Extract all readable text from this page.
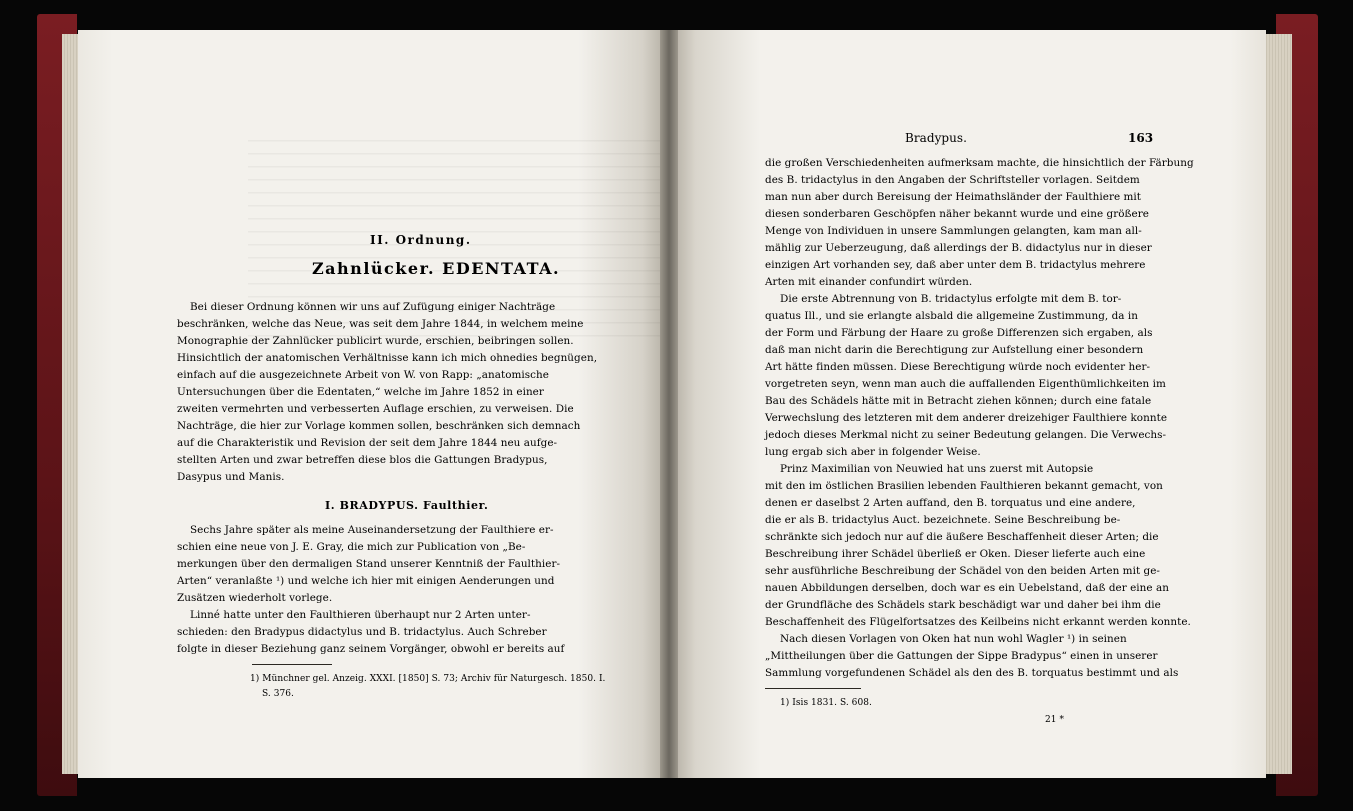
II. Ordnung.
Zahnlücker. EDENTATA.
Bei dieser Ordnung können wir uns auf Zufügung einiger Nachträge
beschränken, welche das Neue, was seit dem Jahre 1844, in welchem meine
Monographie der Zahnlücker publicirt wurde, erschien, beibringen sollen.
Hinsichtlich der anatomischen Verhältnisse kann ich mich ohnedies begnügen,
einfach auf die ausgezeichnete Arbeit von W. von Rapp: „anatomische
Untersuchungen über die Edentaten,“ welche im Jahre 1852 in einer
zweiten vermehrten und verbesserten Auflage erschien, zu verweisen. Die
Nachträge, die hier zur Vorlage kommen sollen, beschränken sich demnach
auf die Charakteristik und Revision der seit dem Jahre 1844 neu aufge-
stellten Arten und zwar betreffen diese blos die Gattungen Bradypus,
Dasypus und Manis.
I. BRADYPUS. Faulthier.
Sechs Jahre später als meine Auseinandersetzung der Faulthiere er-
schien eine neue von J. E. Gray, die mich zur Publication von „Be-
merkungen über den dermaligen Stand unserer Kenntniß der Faulthier-
Arten“ veranlaßte ¹) und welche ich hier mit einigen Aenderungen und
Zusätzen wiederholt vorlege.
Linné hatte unter den Faulthieren überhaupt nur 2 Arten unter-
schieden: den Bradypus didactylus und B. tridactylus. Auch Schreber
folgte in dieser Beziehung ganz seinem Vorgänger, obwohl er bereits auf
1) Münchner gel. Anzeig. XXXI. [1850] S. 73; Archiv für Naturgesch. 1850. I.
S. 376.
Bradypus.	163
die großen Verschiedenheiten aufmerksam machte, die hinsichtlich der Färbung
des B. tridactylus in den Angaben der Schriftsteller vorlagen. Seitdem
man nun aber durch Bereisung der Heimathsländer der Faulthiere mit
diesen sonderbaren Geschöpfen näher bekannt wurde und eine größere
Menge von Individuen in unsere Sammlungen gelangten, kam man all-
mählig zur Ueberzeugung, daß allerdings der B. didactylus nur in dieser
einzigen Art vorhanden sey, daß aber unter dem B. tridactylus mehrere
Arten mit einander confundirt würden.
Die erste Abtrennung von B. tridactylus erfolgte mit dem B. tor-
quatus Ill., und sie erlangte alsbald die allgemeine Zustimmung, da in
der Form und Färbung der Haare zu große Differenzen sich ergaben, als
daß man nicht darin die Berechtigung zur Aufstellung einer besondern
Art hätte finden müssen. Diese Berechtigung würde noch evidenter her-
vorgetreten seyn, wenn man auch die auffallenden Eigenthümlichkeiten im
Bau des Schädels hätte mit in Betracht ziehen können; durch eine fatale
Verwechslung des letzteren mit dem anderer dreizehiger Faulthiere konnte
jedoch dieses Merkmal nicht zu seiner Bedeutung gelangen. Die Verwechs-
lung ergab sich aber in folgender Weise.
Prinz Maximilian von Neuwied hat uns zuerst mit Autopsie
mit den im östlichen Brasilien lebenden Faulthieren bekannt gemacht, von
denen er daselbst 2 Arten auffand, den B. torquatus und eine andere,
die er als B. tridactylus Auct. bezeichnete. Seine Beschreibung be-
schränkte sich jedoch nur auf die äußere Beschaffenheit dieser Arten; die
Beschreibung ihrer Schädel überließ er Oken. Dieser lieferte auch eine
sehr ausführliche Beschreibung der Schädel von den beiden Arten mit ge-
nauen Abbildungen derselben, doch war es ein Uebelstand, daß der eine an
der Grundfläche des Schädels stark beschädigt war und daher bei ihm die
Beschaffenheit des Flügelfortsatzes des Keilbeins nicht erkannt werden konnte.
Nach diesen Vorlagen von Oken hat nun wohl Wagler ¹) in seinen
„Mittheilungen über die Gattungen der Sippe Bradypus“ einen in unserer
Sammlung vorgefundenen Schädel als den des B. torquatus bestimmt und als
1) Isis 1831. S. 608.
21 *
